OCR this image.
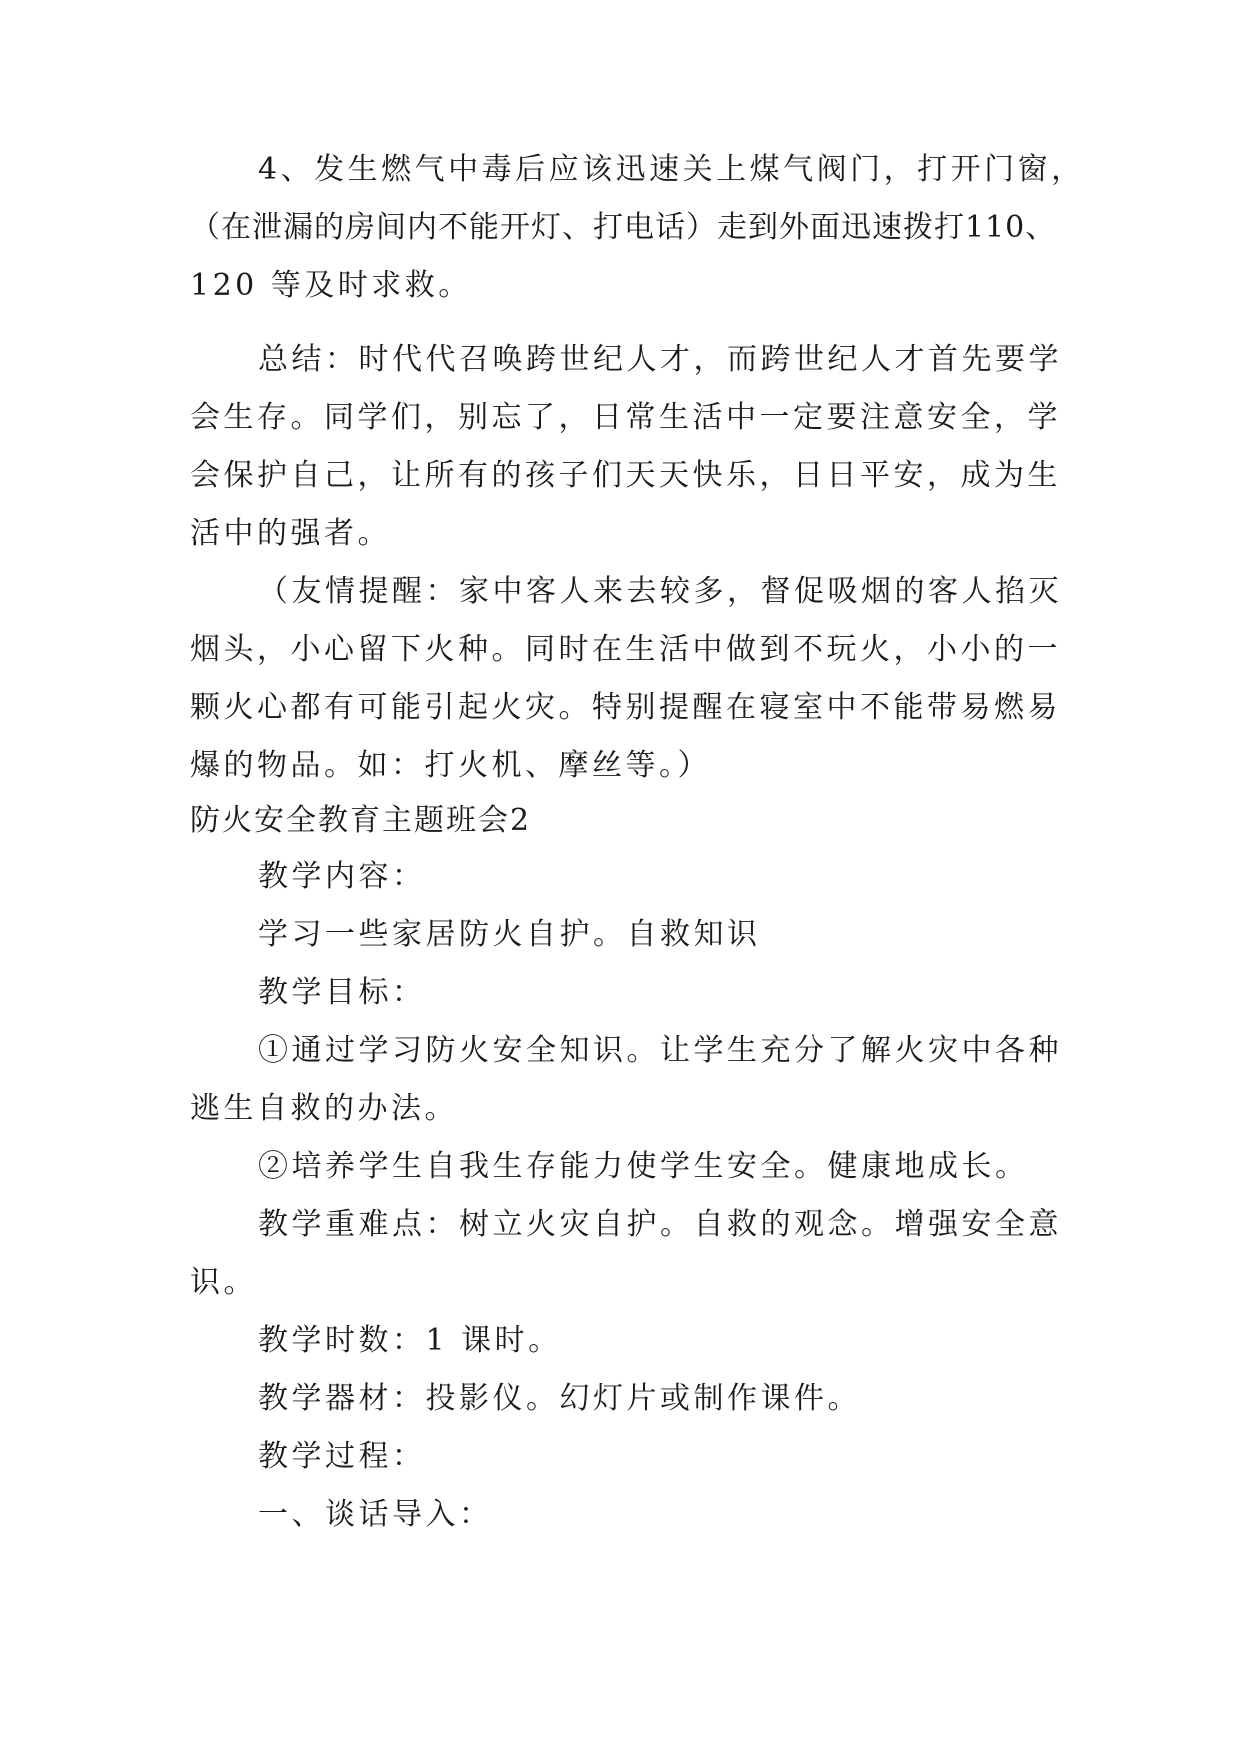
4、发生燃气中毒后应该迅速关上煤气阀门，打开门窗，
（在泄漏的房间内不能开灯、打电话）走到外面迅速拨打110、
120 等及时求救。
总结：时代代召唤跨世纪人才，而跨世纪人才首先要学
会生存。同学们，别忘了，日常生活中一定要注意安全，学
会保护自己，让所有的孩子们天天快乐，日日平安，成为生
活中的强者。
（友情提醒：家中客人来去较多，督促吸烟的客人掐灭
烟头，小心留下火种。同时在生活中做到不玩火，小小的一
颗火心都有可能引起火灾。特别提醒在寝室中不能带易燃易
爆的物品。如：打火机、摩丝等。）
防火安全教育主题班会2
教学内容：
学习一些家居防火自护。自救知识
教学目标：
①通过学习防火安全知识。让学生充分了解火灾中各种
逃生自救的办法。
②培养学生自我生存能力使学生安全。健康地成长。
教学重难点：树立火灾自护。自救的观念。增强安全意
识。
教学时数：1 课时。
教学器材：投影仪。幻灯片或制作课件。
教学过程：
一、谈话导入：
